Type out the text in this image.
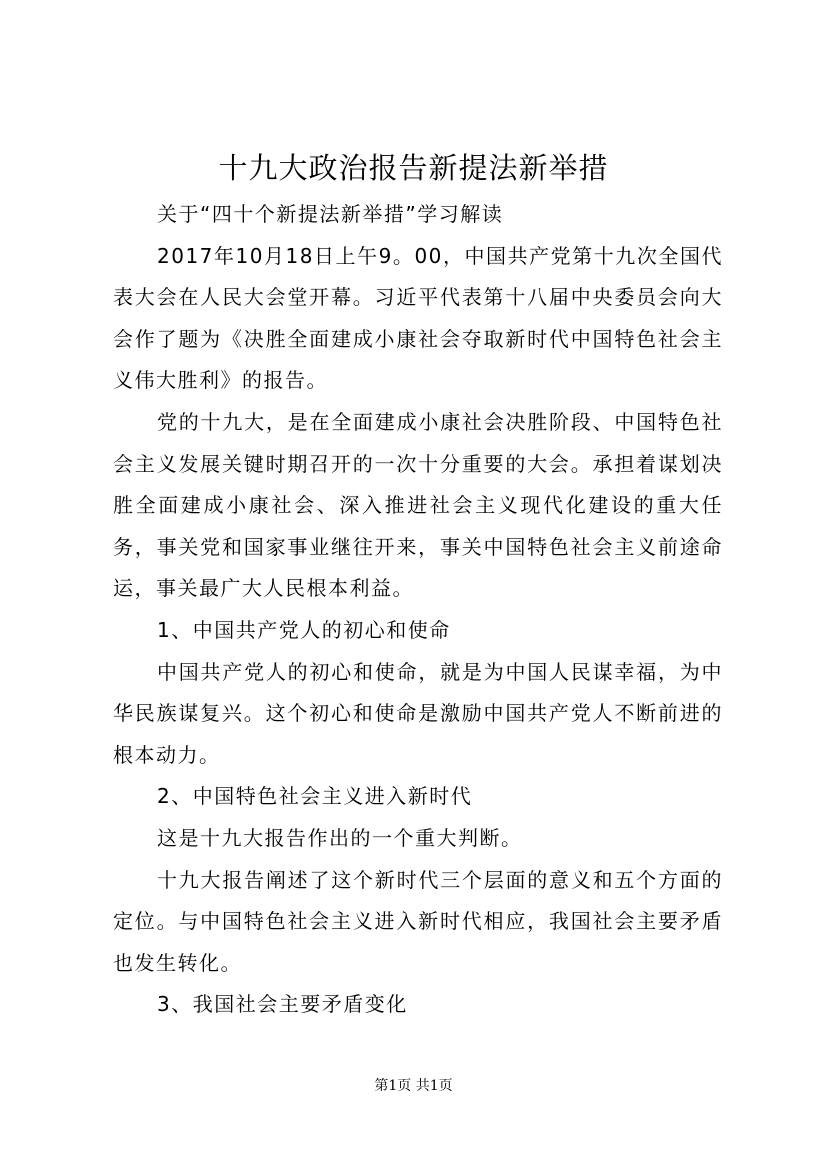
十九大政治报告新提法新举措

关于“四十个新提法新举措”学习解读

2017年10月18日上午9。00，中国共产党第十九次全国代表大会在人民大会堂开幕。习近平代表第十八届中央委员会向大会作了题为《决胜全面建成小康社会夺取新时代中国特色社会主义伟大胜利》的报告。

党的十九大，是在全面建成小康社会决胜阶段、中国特色社会主义发展关键时期召开的一次十分重要的大会。承担着谋划决胜全面建成小康社会、深入推进社会主义现代化建设的重大任务，事关党和国家事业继往开来，事关中国特色社会主义前途命运，事关最广大人民根本利益。

1、中国共产党人的初心和使命

中国共产党人的初心和使命，就是为中国人民谋幸福，为中华民族谋复兴。这个初心和使命是激励中国共产党人不断前进的根本动力。

2、中国特色社会主义进入新时代

这是十九大报告作出的一个重大判断。

十九大报告阐述了这个新时代三个层面的意义和五个方面的定位。与中国特色社会主义进入新时代相应，我国社会主要矛盾也发生转化。

3、我国社会主要矛盾变化

第1页 共1页
